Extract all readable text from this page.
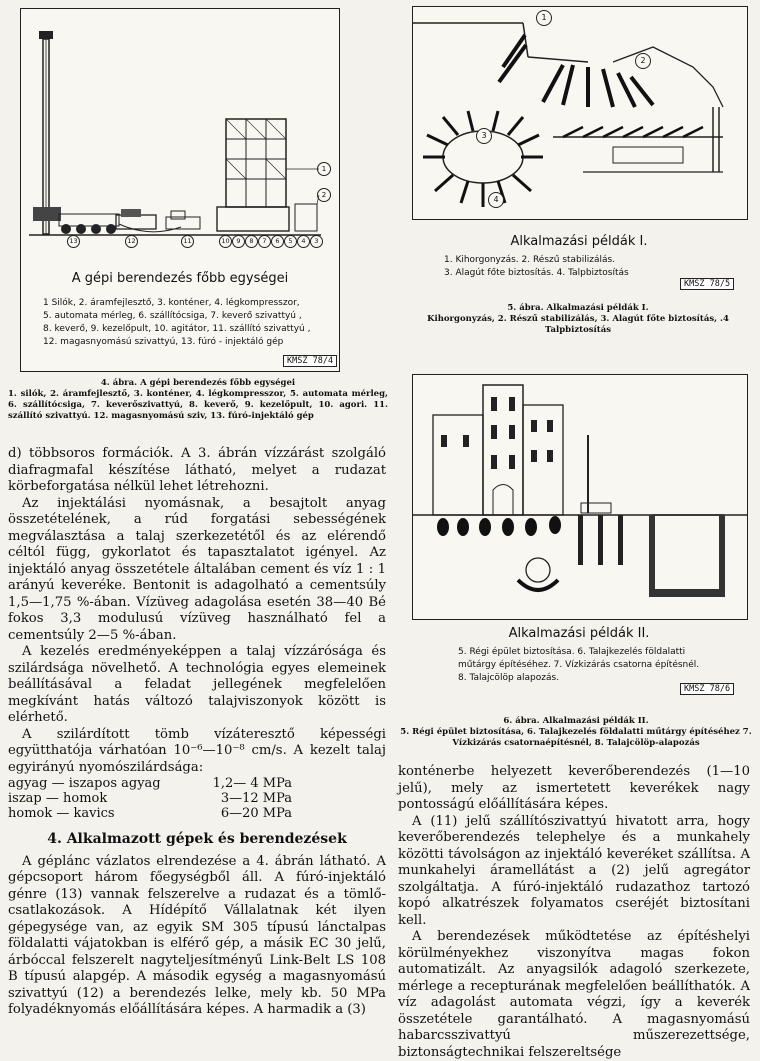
1
2
13	12	11	10	9	8	7	6	5	4	3
A gépi berendezés főbb egységei
1 Silók, 2. áramfejlesztő, 3. konténer, 4. légkompresszor,
5. automata mérleg, 6. szállítócsiga, 7. keverő szivattyú ,
8. keverő, 9. kezelőpult, 10. agitátor, 11. szállító szivattyú ,
12. magasnyomású szivattyú, 13. fúró - injektáló gép
KMSZ 78/4
4. ábra. A gépi berendezés főbb egységei
1. silók, 2. áramfejlesztő, 3. konténer, 4. légkompresszor, 5. automata mérleg, 6. szállítócsiga, 7. keverőszivattyú, 8. keverő, 9. kezelőpult, 10. agori. 11. szállító szivattyú. 12. magasnyomású sziv, 13. fúró-injektáló gép
1
2
3
4
Alkalmazási példák I.
1. Kihorgonyzás. 2. Részű stabilizálás.
3. Alagút főte biztosítás. 4. Talpbiztosítás
KMSZ 78/5
5. ábra. Alkalmazási példák I.
Kihorgonyzás, 2. Részű stabilizálás, 3. Alagút főte biztosítás, .4 Talpbiztosítás
Alkalmazási példák II.
5. Régi épület biztosítása. 6. Talajkezelés földalatti
műtárgy építéséhez. 7. Vízkizárás csatorna építésnél.
8. Talajcölöp alapozás.
KMSZ 78/6
6. ábra. Alkalmazási példák II.
5. Régi épület biztosítása, 6. Talajkezelés földalatti műtárgy építéséhez 7. Vízkizárás csatornaépítésnél, 8. Talajcölöp-alapozás

d) többsoros formációk. A 3. ábrán vízzárást szolgáló diafragmafal készítése látható, melyet a rudazat körbeforgatása nélkül lehet létrehozni.

Az injektálási nyomásnak, a besajtolt anyag összetételének, a rúd forgatási sebességének megválasztása a talaj szerkezetétől és az elérendő céltól függ, gykorlatot és tapasztalatot igényel. Az injektáló anyag összetétele általában cement és víz 1 : 1 arányú keveréke. Bentonit is adagolható a cementsúly 1,5—1,75 %-ában. Vízüveg adagolása esetén 38—40 Bé fokos 3,3 modulusú vízüveg használható fel a cementsúly 2—5 %-ában.

A kezelés eredményeképpen a talaj vízzárósága és szilárdsága növelhető. A technológia egyes elemeinek beállításával a feladat jellegének megfelelően megkívánt hatás változó talajviszonyok között is elérhető.

A szilárdított tömb vízáteresztő képességi együtthatója várhatóan 10⁻⁶—10⁻⁸ cm/s. A kezelt talaj egyirányú nyomószilárdsága:

agyag — iszapos agyag	1,2— 4 MPa
iszap — homok	3—12 MPa
homok — kavics	6—20 MPa
4. Alkalmazott gépek és berendezések

A géplánc vázlatos elrendezése a 4. ábrán látható. A gépcsoport három főegységből áll. A fúró-injektáló génre (13) vannak felszerelve a rudazat és a tömlő-csatlakozások. A Hídépítő Vállalatnak két ilyen gépegysége van, az egyik SM 305 típusú lánctalpas földalatti vájatokban is elférő gép, a másik EC 30 jelű, árbóccal felszerelt nagyteljesítményű Link-Belt LS 108 B típusú alapgép. A második egység a magasnyomású szivattyú (12) a berendezés lelke, mely kb. 50 MPa folyadéknyomás előállítására képes. A harmadik a (3)

konténerbe helyezett keverőberendezés (1—10 jelű), mely az ismertetett keverékek nagy pontosságú előállítására képes.

A (11) jelű szállítószivattyú hivatott arra, hogy keverőberendezés telephelye és a munkahely közötti távolságon az injektáló keveréket szállítsa. A munkahelyi áramellátást a (2) jelű agregátor szolgáltatja. A fúró-injektáló rudazathoz tartozó kopó alkatrészek folyamatos cseréjét biztosítani kell.

A berendezések működtetése az építéshelyi körülményekhez viszonyítva magas fokon automatizált. Az anyagsilók adagoló szerkezete, mérlege a recepturának megfelelően beállíthatók. A víz adagolást automata végzi, így a keverék összetétele garantálható. A magasnyomású habarcsszivattyú műszerezettsége, biztonságtechnikai felszereltsége
